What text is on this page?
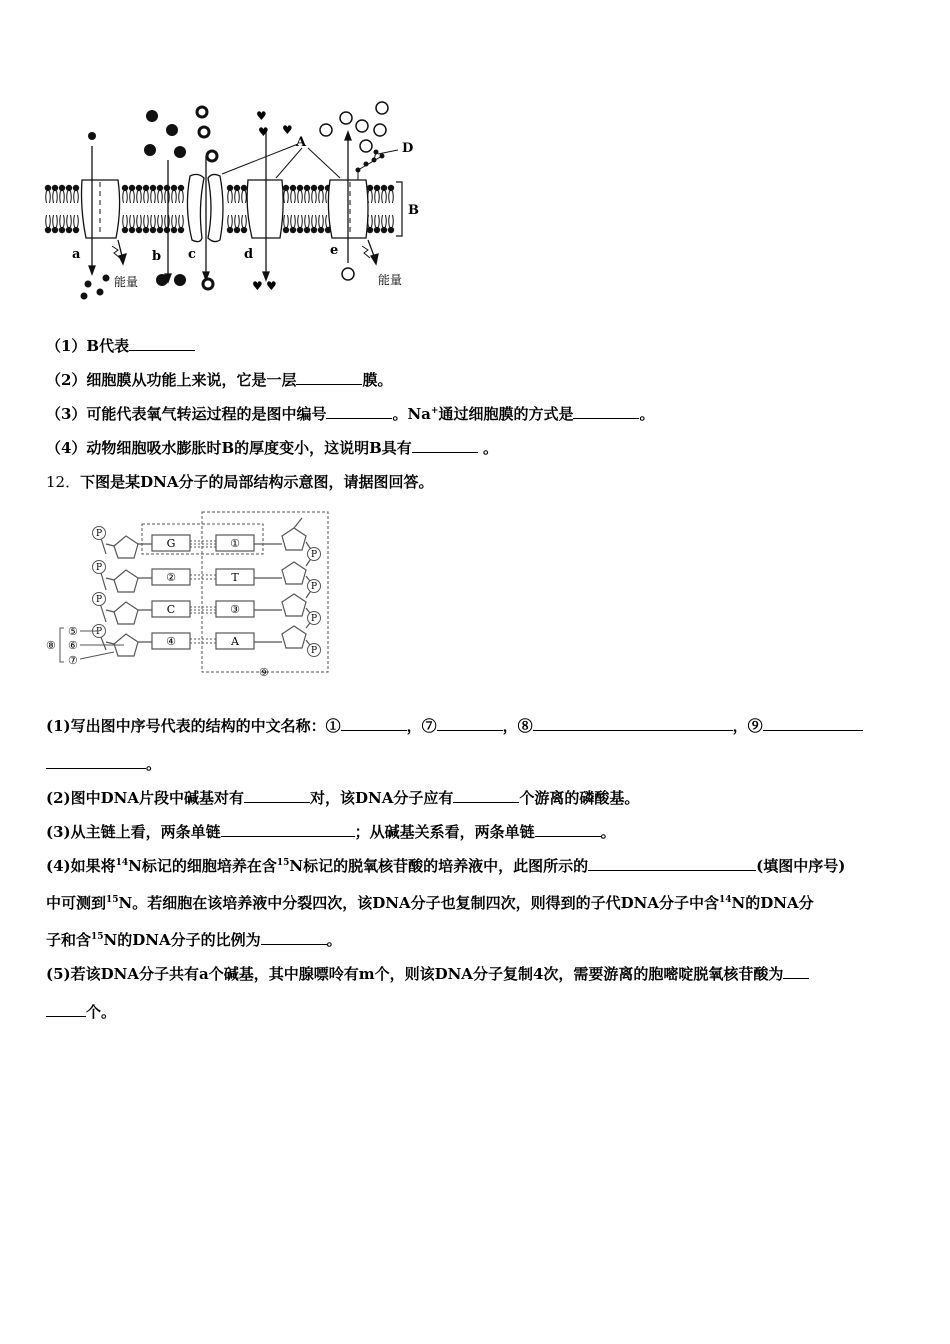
♥
♥ ♥
♥ ♥
A
B
D
a	b c	d	e
能量	能量
（1）B代表
（2）细胞膜从功能上来说，它是一层	膜。
（3）可能代表氧气转运过程的是图中编号	。Na+通过细胞膜的方式是	。
（4）动物细胞吸水膨胀时B的厚度变小，这说明B具有	。
12．下图是某DNA分子的局部结构示意图，请据图回答。
G
②
C
④
①
T
③
A
P
P
P
P
P
P
P
P
⑤
⑥
⑦
⑧
⑨
(1)写出图中序号代表的结构的中文名称：①	，⑦	，⑧	，⑨
。
(2)图中DNA片段中碱基对有	对，该DNA分子应有	个游离的磷酸基。
(3)从主链上看，两条单链	；从碱基关系看，两条单链	。
(4)如果将$^{14}$N标记的细胞培养在含$^{15}$N标记的脱氧核苷酸的培养液中，此图所示的	(填图中序号)
中可测到$^{15}$N。若细胞在该培养液中分裂四次，该DNA分子也复制四次，则得到的子代DNA分子中含$^{14}$N的DNA分
子和含$^{15}$N的DNA分子的比例为	。
(5)若该DNA分子共有a个碱基，其中腺嘌呤有m个，则该DNA分子复制4次，需要游离的胞嘧啶脱氧核苷酸为
个。
